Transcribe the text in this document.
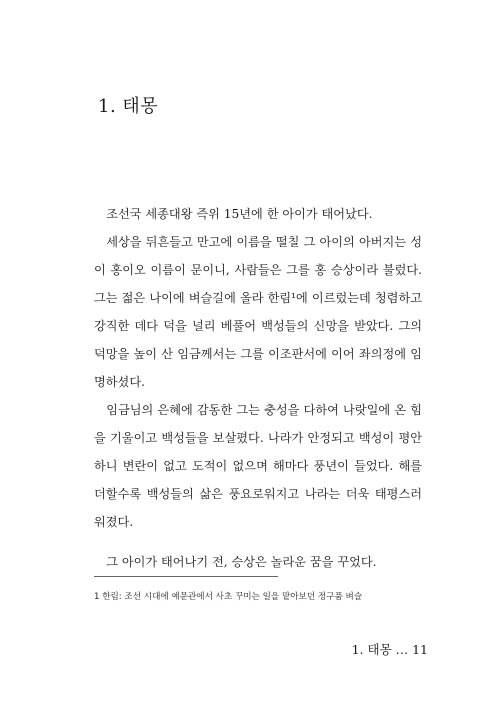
1. 태몽

조선국 세종대왕 즉위 15년에 한 아이가 태어났다.

세상을 뒤흔들고 만고에 이름을 떨칠 그 아이의 아버지는 성이 홍이오 이름이 문이니, 사람들은 그를 홍 승상이라 불렀다. 그는 젊은 나이에 벼슬길에 올라 한림¹에 이르렀는데 청렴하고 강직한 데다 덕을 널리 베풀어 백성들의 신망을 받았다. 그의 덕망을 높이 산 임금께서는 그를 이조판서에 이어 좌의정에 임명하셨다.

임금님의 은혜에 감동한 그는 충성을 다하여 나랏일에 온 힘을 기울이고 백성들을 보살폈다. 나라가 안정되고 백성이 평안하니 변란이 없고 도적이 없으며 해마다 풍년이 들었다. 해를 더할수록 백성들의 삶은 풍요로워지고 나라는 더욱 태평스러워졌다.

그 아이가 태어나기 전, 승상은 놀라운 꿈을 꾸었다.

1 한림: 조선 시대에 예문관에서 사초 꾸미는 일을 맡아보던 정구품 벼슬
1. 태몽 … 11
